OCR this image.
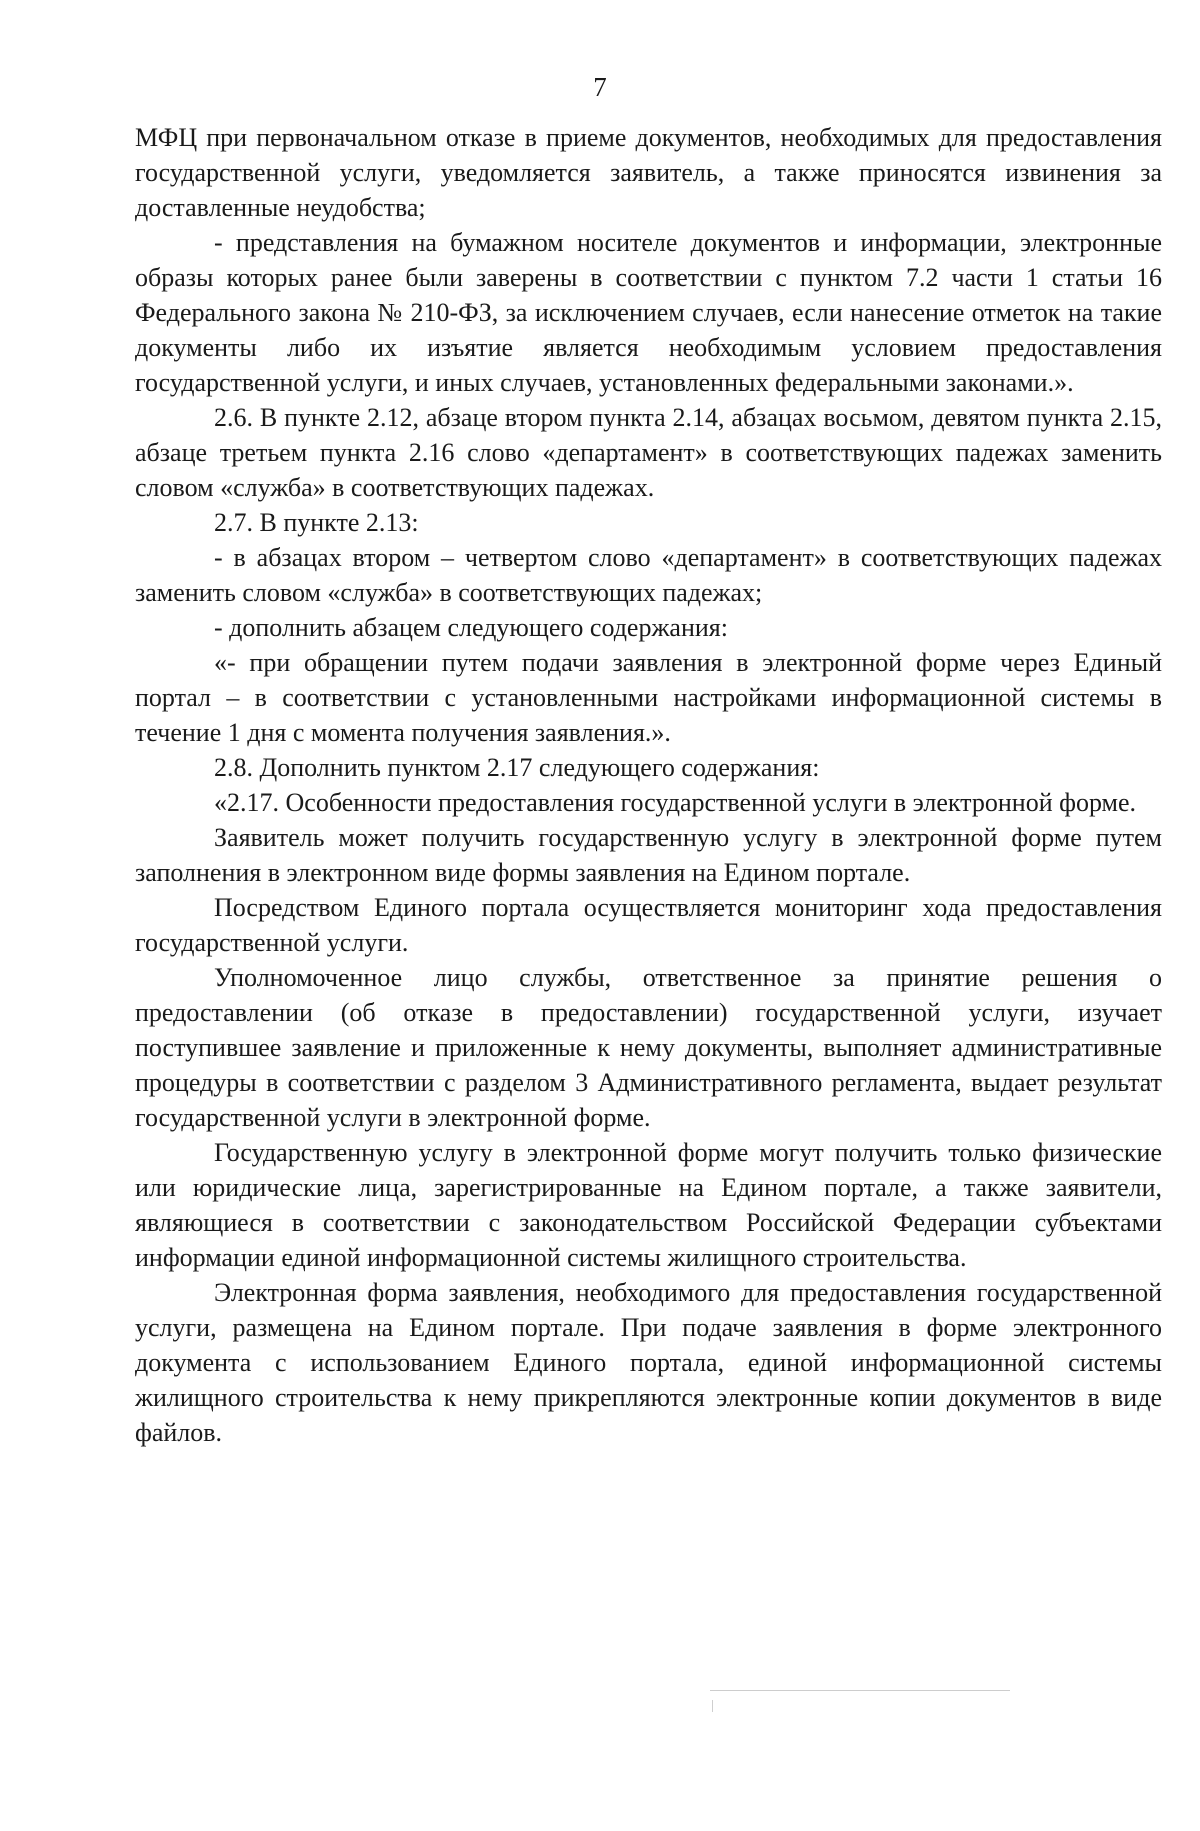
7

МФЦ при первоначальном отказе в приеме документов, необходимых для предоставления государственной услуги, уведомляется заявитель, а также приносятся извинения за доставленные неудобства;

- представления на бумажном носителе документов и информации, электронные образы которых ранее были заверены в соответствии с пунктом 7.2 части 1 статьи 16 Федерального закона № 210-ФЗ, за исключением случаев, если нанесение отметок на такие документы либо их изъятие является необходимым условием предоставления государственной услуги, и иных случаев, установленных федеральными законами.».

2.6. В пункте 2.12, абзаце втором пункта 2.14, абзацах восьмом, девятом пункта 2.15, абзаце третьем пункта 2.16 слово «департамент» в соответствующих падежах заменить словом «служба» в соответствующих падежах.

2.7. В пункте 2.13:

- в абзацах втором – четвертом слово «департамент» в соответствующих падежах заменить словом «служба» в соответствующих падежах;

- дополнить абзацем следующего содержания:

«- при обращении путем подачи заявления в электронной форме через Единый портал – в соответствии с установленными настройками информационной системы в течение 1 дня с момента получения заявления.».

2.8. Дополнить пунктом 2.17 следующего содержания:

«2.17. Особенности предоставления государственной услуги в электронной форме.

Заявитель может получить государственную услугу в электронной форме путем заполнения в электронном виде формы заявления на Едином портале.

Посредством Единого портала осуществляется мониторинг хода предоставления государственной услуги.

Уполномоченное лицо службы, ответственное за принятие решения о предоставлении (об отказе в предоставлении) государственной услуги, изучает поступившее заявление и приложенные к нему документы, выполняет административные процедуры в соответствии с разделом 3 Административного регламента, выдает результат государственной услуги в электронной форме.

Государственную услугу в электронной форме могут получить только физические или юридические лица, зарегистрированные на Едином портале, а также заявители, являющиеся в соответствии с законодательством Российской Федерации субъектами информации единой информационной системы жилищного строительства.

Электронная форма заявления, необходимого для предоставления государственной услуги, размещена на Едином портале. При подаче заявления в форме электронного документа с использованием Единого портала, единой информационной системы жилищного строительства к нему прикрепляются электронные копии документов в виде файлов.
